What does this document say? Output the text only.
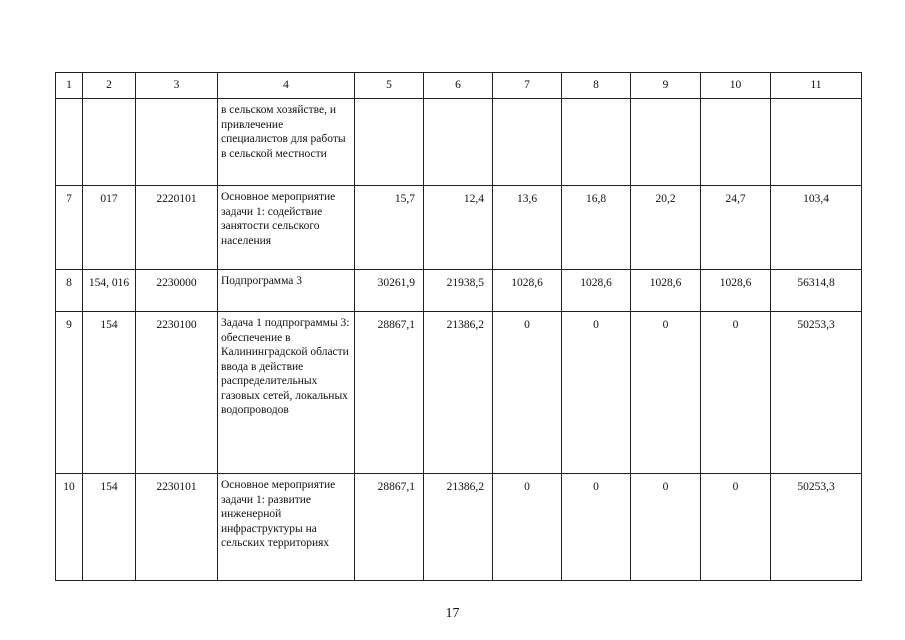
1	2	3	4	5	6	7	8	9	10	11
			в сельском хозяйстве, и привлечение специалистов для работы в сельской местности							
7	017	2220101	Основное мероприятие задачи 1: содействие занятости сельского населения	15,7	12,4	13,6	16,8	20,2	24,7	103,4
8	154, 016	2230000	Подпрограмма 3	30261,9	21938,5	1028,6	1028,6	1028,6	1028,6	56314,8
9	154	2230100	Задача 1 подпрограммы 3: обеспечение в Калининградской области ввода в действие распределительных газовых сетей, локальных водопроводов	28867,1	21386,2	0	0	0	0	50253,3
10	154	2230101	Основное мероприятие задачи 1: развитие инженерной инфраструктуры на сельских территориях	28867,1	21386,2	0	0	0	0	50253,3
17
